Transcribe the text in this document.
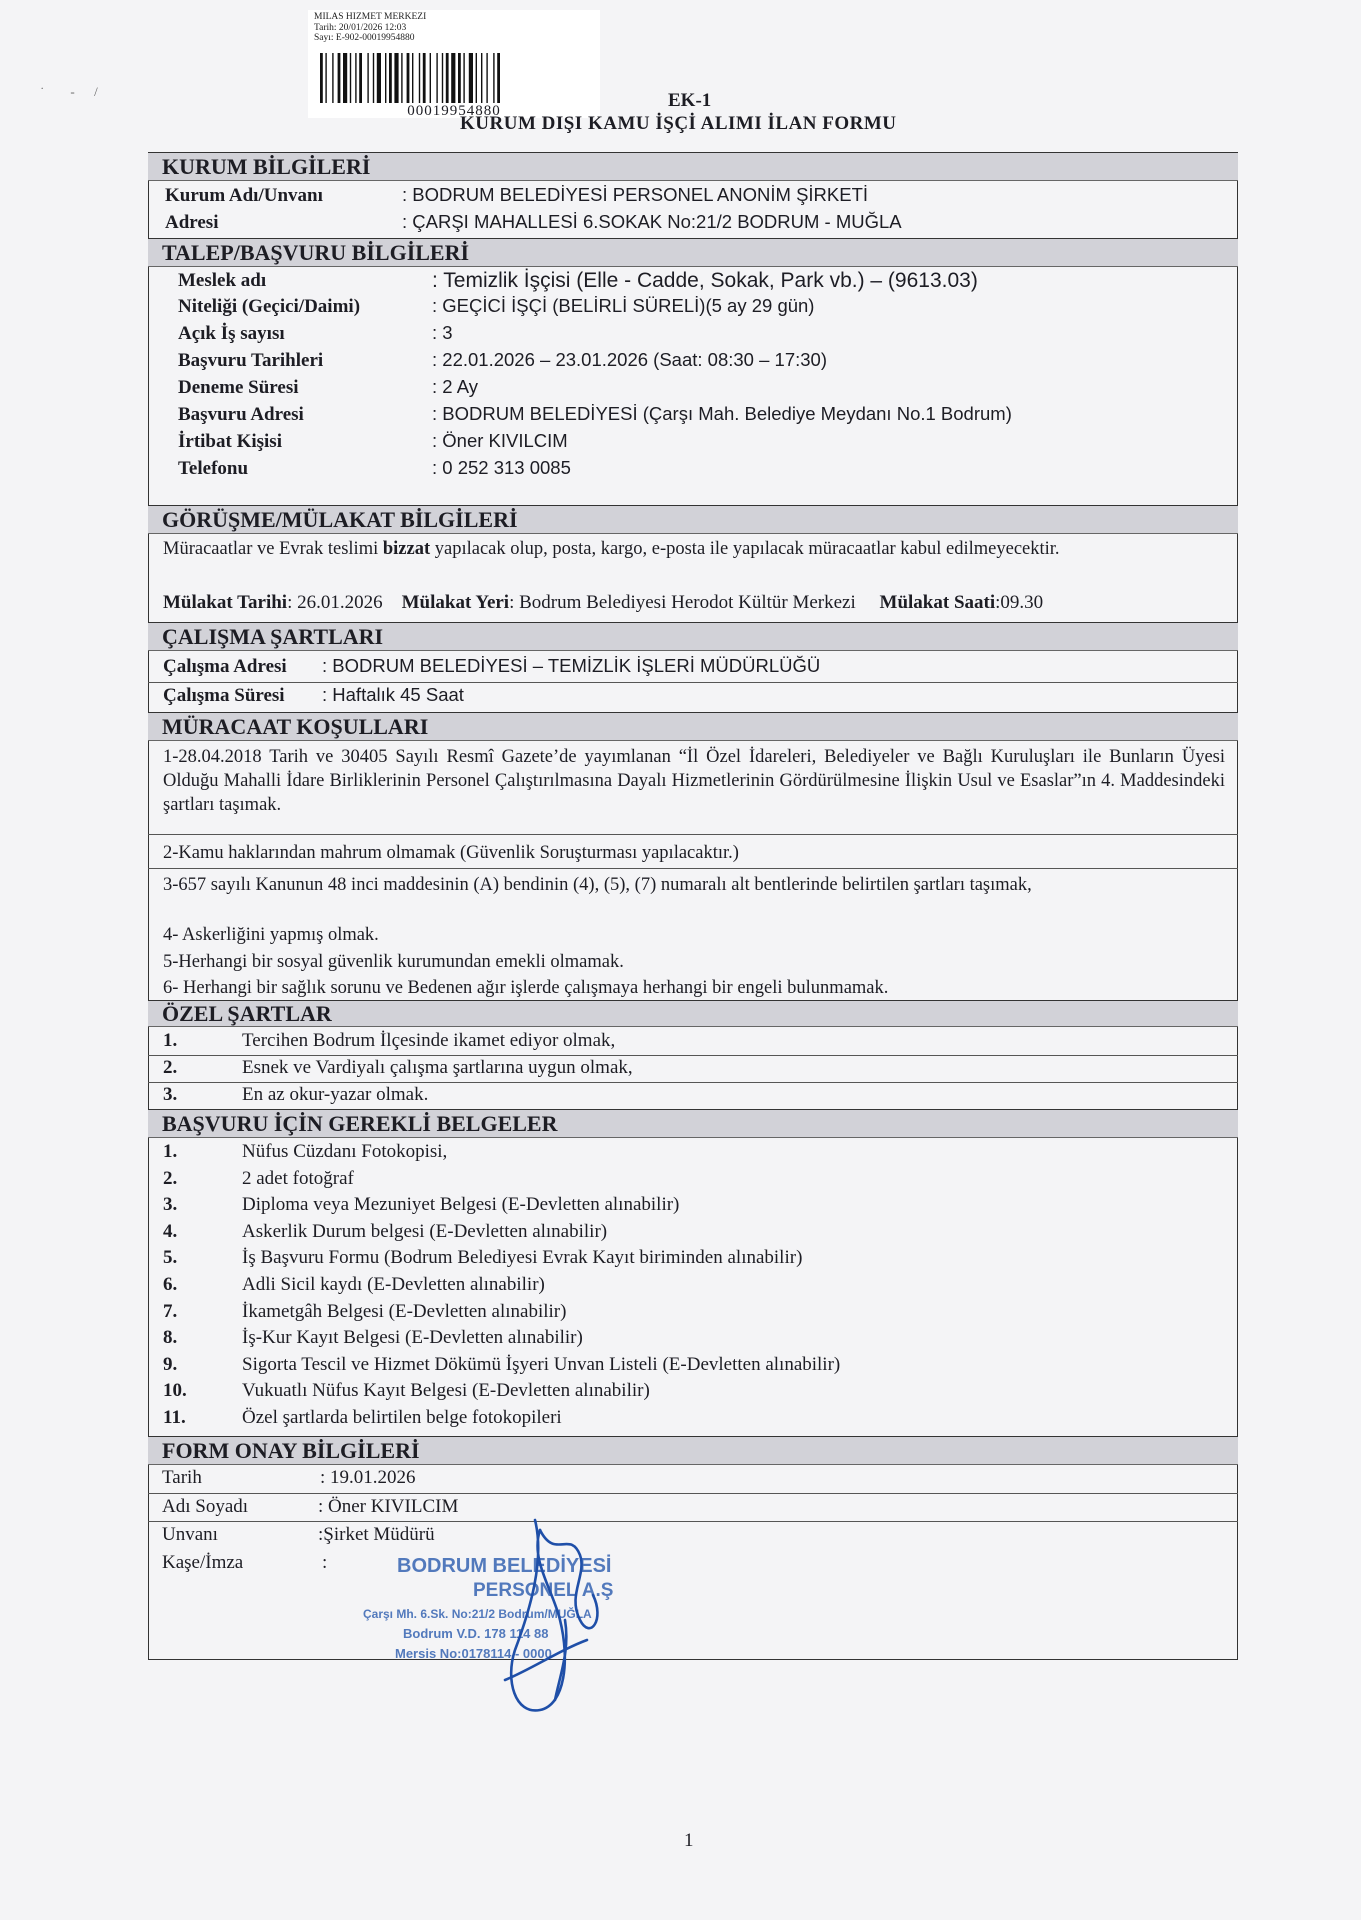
MILAS HIZMET MERKEZI
Tarih: 20/01/2026 12:03
Sayı: E-902-00019954880
00019954880
˙        -      /	EK-1
KURUM DIŞI KAMU İŞÇİ ALIMI İLAN FORMU
KURUM BİLGİLERİ
Kurum Adı/Unvanı	: BODRUM BELEDİYESİ PERSONEL ANONİM ŞİRKETİ
Adresi	: ÇARŞI MAHALLESİ 6.SOKAK No:21/2 BODRUM - MUĞLA
TALEP/BAŞVURU BİLGİLERİ
Meslek adı	: Temizlik İşçisi (Elle - Cadde, Sokak, Park vb.) – (9613.03)
Niteliği (Geçici/Daimi)	: GEÇİCİ İŞÇİ (BELİRLİ SÜRELİ)(5 ay 29 gün)
Açık İş sayısı	: 3
Başvuru Tarihleri	: 22.01.2026 – 23.01.2026 (Saat: 08:30 – 17:30)
Deneme Süresi	: 2 Ay
Başvuru Adresi	: BODRUM BELEDİYESİ (Çarşı Mah. Belediye Meydanı No.1 Bodrum)
İrtibat Kişisi	: Öner KIVILCIM
Telefonu	: 0 252 313 0085
GÖRÜŞME/MÜLAKAT BİLGİLERİ
Müracaatlar ve Evrak teslimi bizzat yapılacak olup, posta, kargo, e-posta ile yapılacak müracaatlar kabul edilmeyecektir.
Mülakat Tarihi: 26.01.2026 Mülakat Yeri: Bodrum Belediyesi Herodot Kültür Merkezi Mülakat Saati:09.30
ÇALIŞMA ŞARTLARI
Çalışma Adresi : BODRUM BELEDİYESİ – TEMİZLİK İŞLERİ MÜDÜRLÜĞÜ
Çalışma Süresi : Haftalık 45 Saat
MÜRACAAT KOŞULLARI
1-28.04.2018 Tarih ve 30405 Sayılı Resmî Gazete’de yayımlanan “İl Özel İdareleri, Belediyeler ve Bağlı Kuruluşları ile Bunların Üyesi Olduğu Mahalli İdare Birliklerinin Personel Çalıştırılmasına Dayalı Hizmetlerinin Gördürülmesine İlişkin Usul ve Esaslar”ın 4. Maddesindeki şartları taşımak.
2-Kamu haklarından mahrum olmamak (Güvenlik Soruşturması yapılacaktır.)
3-657 sayılı Kanunun 48 inci maddesinin (A) bendinin (4), (5), (7) numaralı alt bentlerinde belirtilen şartları taşımak,
4- Askerliğini yapmış olmak.
5-Herhangi bir sosyal güvenlik kurumundan emekli olmamak.
6- Herhangi bir sağlık sorunu ve Bedenen ağır işlerde çalışmaya herhangi bir engeli bulunmamak.
ÖZEL ŞARTLAR
1.	Tercihen Bodrum İlçesinde ikamet ediyor olmak,
2.	Esnek ve Vardiyalı çalışma şartlarına uygun olmak,
3.	En az okur-yazar olmak.
BAŞVURU İÇİN GEREKLİ BELGELER
1.	Nüfus Cüzdanı Fotokopisi,
2.	2 adet fotoğraf
3.	Diploma veya Mezuniyet Belgesi (E-Devletten alınabilir)
4.	Askerlik Durum belgesi (E-Devletten alınabilir)
5.	İş Başvuru Formu (Bodrum Belediyesi Evrak Kayıt biriminden alınabilir)
6.	Adli Sicil kaydı (E-Devletten alınabilir)
7.	İkametgâh Belgesi (E-Devletten alınabilir)
8.	İş-Kur Kayıt Belgesi (E-Devletten alınabilir)
9.	Sigorta Tescil ve Hizmet Dökümü İşyeri Unvan Listeli (E-Devletten alınabilir)
10.	Vukuatlı Nüfus Kayıt Belgesi (E-Devletten alınabilir)
11.	Özel şartlarda belirtilen belge fotokopileri
FORM ONAY BİLGİLERİ
Tarih	: 19.01.2026
Adı Soyadı	: Öner KIVILCIM
Unvanı	:Şirket Müdürü
Kaşe/İmza	:	BODRUM BELEDİYESİ
PERSONEL A.Ş
Çarşı Mh. 6.Sk. No:21/2 Bodrum/MUĞLA
Bodrum V.D. 178 114 88
Mersis No:0178114 - 0000
1
